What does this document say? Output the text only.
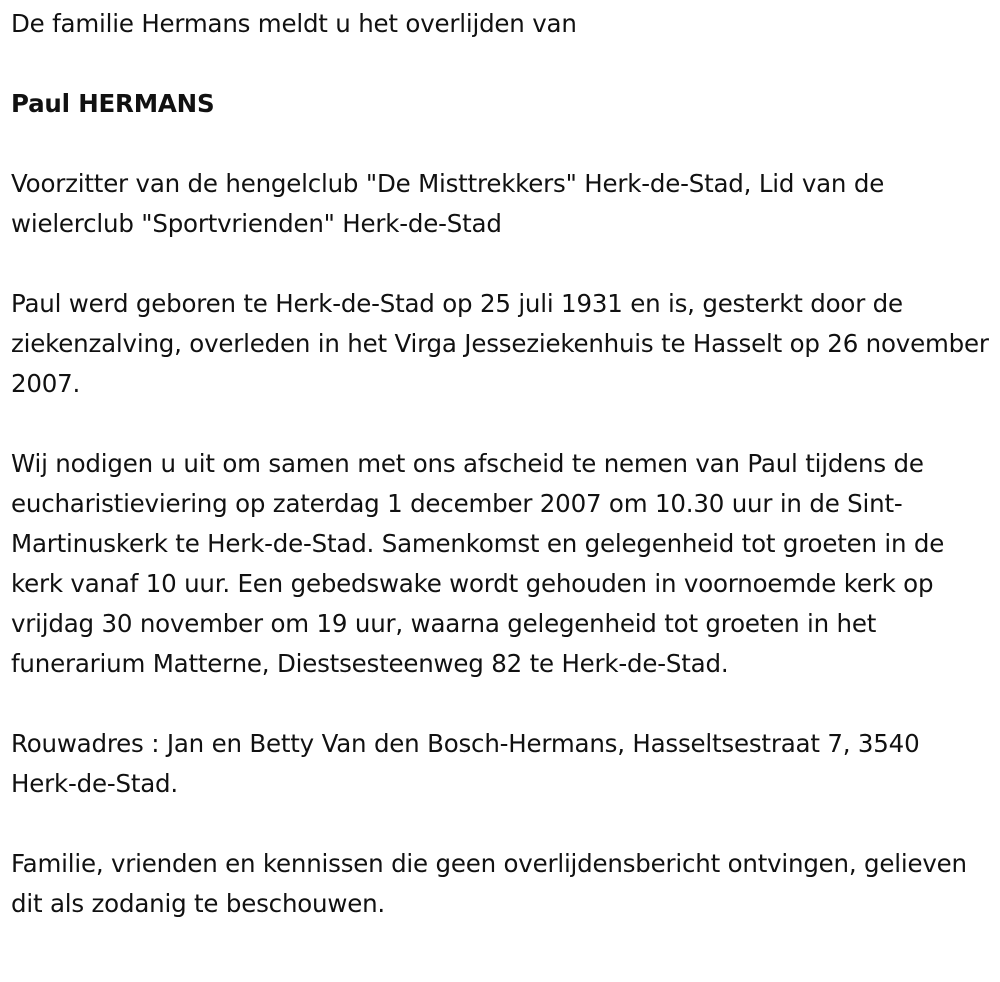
De familie Hermans meldt u het overlijden van

Paul HERMANS

Voorzitter van de hengelclub "De Misttrekkers" Herk-de-Stad, Lid van de wielerclub "Sportvrienden" Herk-de-Stad

Paul werd geboren te Herk-de-Stad op 25 juli 1931 en is, gesterkt door de ziekenzalving, overleden in het Virga Jesseziekenhuis te Hasselt op 26 november 2007.

Wij nodigen u uit om samen met ons afscheid te nemen van Paul tijdens de eucharistieviering op zaterdag 1 december 2007 om 10.30 uur in de Sint-Martinuskerk te Herk-de-Stad. Samenkomst en gelegenheid tot groeten in de kerk vanaf 10 uur. Een gebedswake wordt gehouden in voornoemde kerk op vrijdag 30 november om 19 uur, waarna gelegenheid tot groeten in het funerarium Matterne, Diestsesteenweg 82 te Herk-de-Stad.

Rouwadres : Jan en Betty Van den Bosch-Hermans, Hasseltsestraat 7, 3540 Herk-de-Stad.

Familie, vrienden en kennissen die geen overlijdensbericht ontvingen, gelieven dit als zodanig te beschouwen.
